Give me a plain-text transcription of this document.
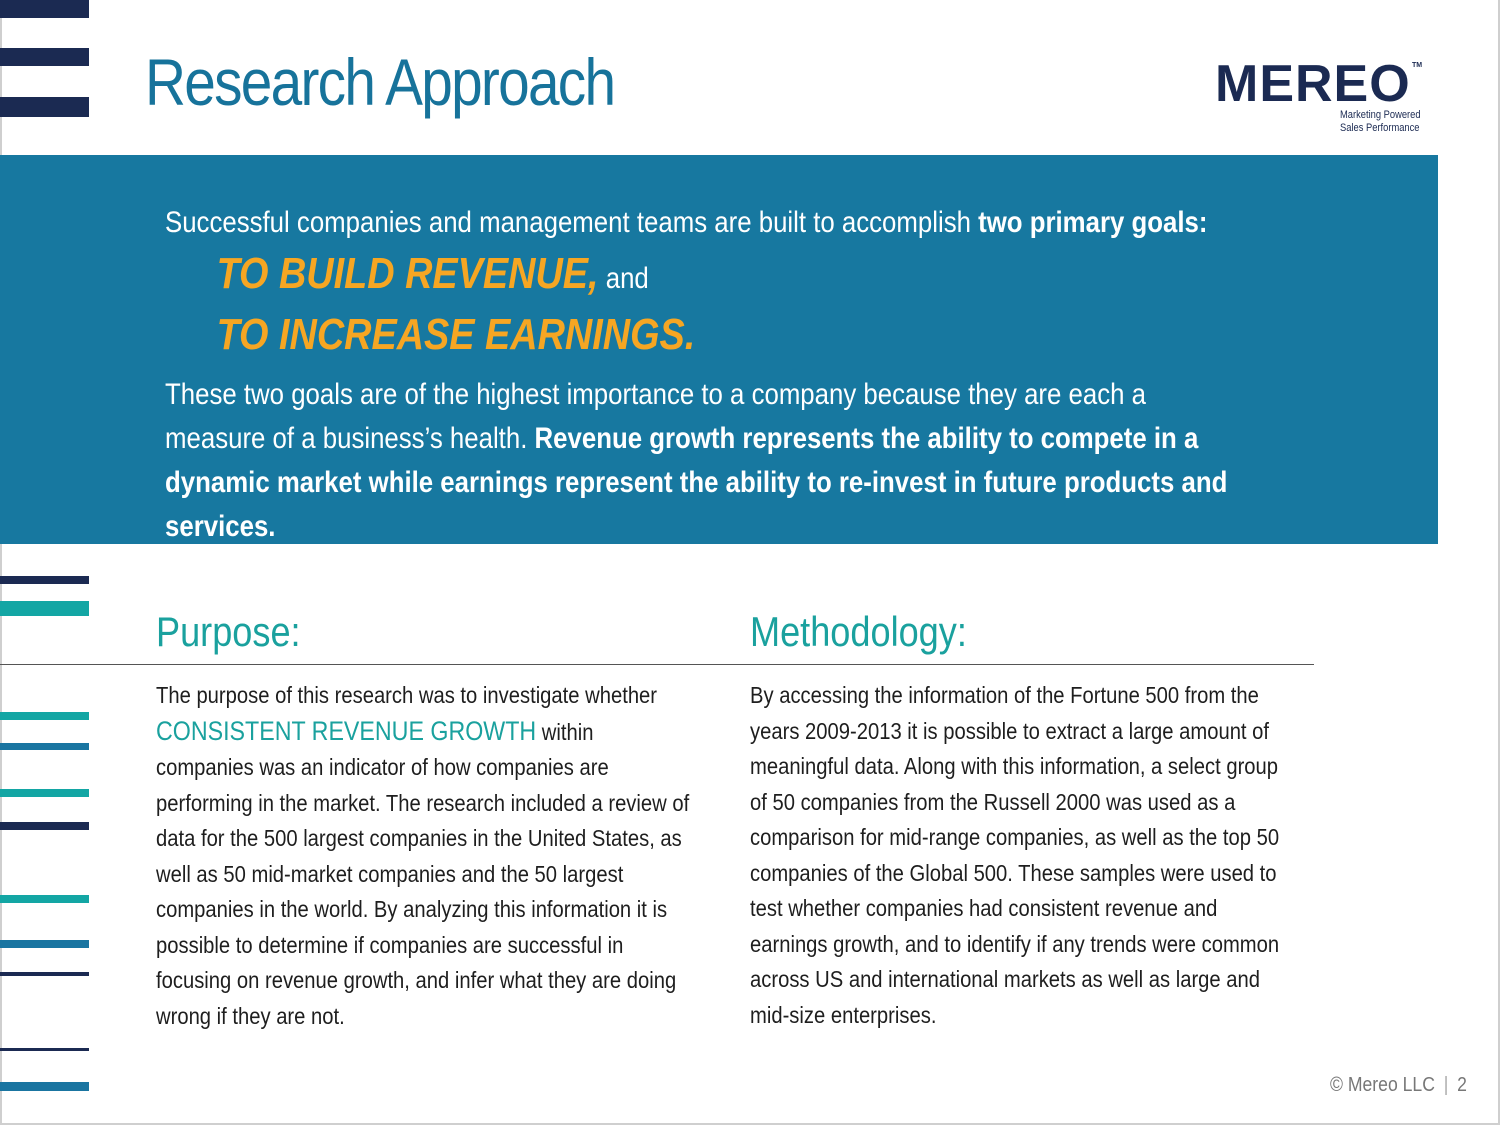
Research Approach	MEREO TM
Marketing Powered
Sales Performance
Successful companies and management teams are built to accomplish two primary goals:
TO BUILD REVENUE, and
TO INCREASE EARNINGS.
These two goals are of the highest importance to a company because they are each a measure of a business’s health. Revenue growth represents the ability to compete in a dynamic market while earnings represent the ability to re-invest in future products and services.
Purpose:	Methodology:
The purpose of this research was to investigate whether CONSISTENT REVENUE GROWTH within companies was an indicator of how companies are performing in the market. The research included a review of data for the 500 largest companies in the United States, as well as 50 mid-market companies and the 50 largest companies in the world. By analyzing this information it is possible to determine if companies are successful in focusing on revenue growth, and infer what they are doing wrong if they are not.
By accessing the information of the Fortune 500 from the years 2009-2013 it is possible to extract a large amount of meaningful data. Along with this information, a select group of 50 companies from the Russell 2000 was used as a comparison for mid-range companies, as well as the top 50 companies of the Global 500. These samples were used to test whether companies had consistent revenue and earnings growth, and to identify if any trends were common across US and international markets as well as large and mid-size enterprises.
© Mereo LLC | 2
